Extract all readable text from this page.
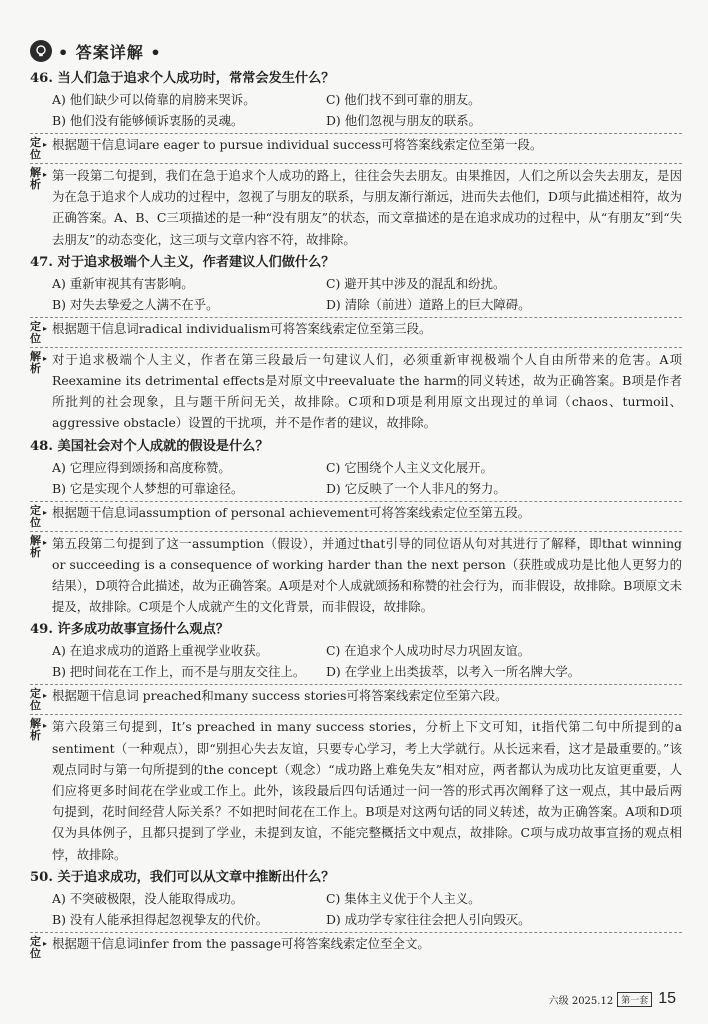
• 答案详解 •
46. 当人们急于追求个人成功时，常常会发生什么？
A) 他们缺少可以倚靠的肩膀来哭诉。	C) 他们找不到可靠的朋友。
B) 他们没有能够倾诉衷肠的灵魂。	D) 他们忽视与朋友的联系。
定位
▸ 根据题干信息词are eager to pursue individual success可将答案线索定位至第一段。
解析
▸ 第一段第二句提到，我们在急于追求个人成功的路上，往往会失去朋友。由果推因，人们之所以会失去朋友，是因为在急于追求个人成功的过程中，忽视了与朋友的联系，与朋友渐行渐远，进而失去他们，D项与此描述相符，故为正确答案。A、B、C三项描述的是一种“没有朋友”的状态，而文章描述的是在追求成功的过程中，从“有朋友”到“失去朋友”的动态变化，这三项与文章内容不符，故排除。
47. 对于追求极端个人主义，作者建议人们做什么？
A) 重新审视其有害影响。	C) 避开其中涉及的混乱和纷扰。
B) 对失去挚爱之人满不在乎。	D) 清除（前进）道路上的巨大障碍。
定位
▸ 根据题干信息词radical individualism可将答案线索定位至第三段。
解析
▸ 对于追求极端个人主义，作者在第三段最后一句建议人们，必须重新审视极端个人自由所带来的危害。A项Reexamine its detrimental effects是对原文中reevaluate the harm的同义转述，故为正确答案。B项是作者所批判的社会现象，且与题干所问无关，故排除。C项和D项是利用原文出现过的单词（chaos、turmoil、aggressive obstacle）设置的干扰项，并不是作者的建议，故排除。
48. 美国社会对个人成就的假设是什么？
A) 它理应得到颂扬和高度称赞。	C) 它围绕个人主义文化展开。
B) 它是实现个人梦想的可靠途径。	D) 它反映了一个人非凡的努力。
定位
▸ 根据题干信息词assumption of personal achievement可将答案线索定位至第五段。
解析
▸ 第五段第二句提到了这一assumption（假设），并通过that引导的同位语从句对其进行了解释，即that winning or succeeding is a consequence of working harder than the next person（获胜或成功是比他人更努力的结果），D项符合此描述，故为正确答案。A项是对个人成就颂扬和称赞的社会行为，而非假设，故排除。B项原文未提及，故排除。C项是个人成就产生的文化背景，而非假设，故排除。
49. 许多成功故事宣扬什么观点？
A) 在追求成功的道路上重视学业收获。	C) 在追求个人成功时尽力巩固友谊。
B) 把时间花在工作上，而不是与朋友交往上。	D) 在学业上出类拔萃，以考入一所名牌大学。
定位
▸ 根据题干信息词 preached和many success stories可将答案线索定位至第六段。
解析
▸ 第六段第三句提到，It’s preached in many success stories，分析上下文可知，it指代第二句中所提到的a sentiment（一种观点），即“别担心失去友谊，只要专心学习，考上大学就行。从长远来看，这才是最重要的。”该观点同时与第一句所提到的the concept（观念）“成功路上难免失友”相对应，两者都认为成功比友谊更重要，人们应将更多时间花在学业或工作上。此外，该段最后四句话通过一问一答的形式再次阐释了这一观点，其中最后两句提到，花时间经营人际关系？不如把时间花在工作上。B项是对这两句话的同义转述，故为正确答案。A项和D项仅为具体例子，且都只提到了学业，未提到友谊，不能完整概括文中观点，故排除。C项与成功故事宣扬的观点相悖，故排除。
50. 关于追求成功，我们可以从文章中推断出什么？
A) 不突破极限，没人能取得成功。	C) 集体主义优于个人主义。
B) 没有人能承担得起忽视挚友的代价。	D) 成功学专家往往会把人引向毁灭。
定位
▸ 根据题干信息词infer from the passage可将答案线索定位至全文。
六级 2025.12 第一套 15
